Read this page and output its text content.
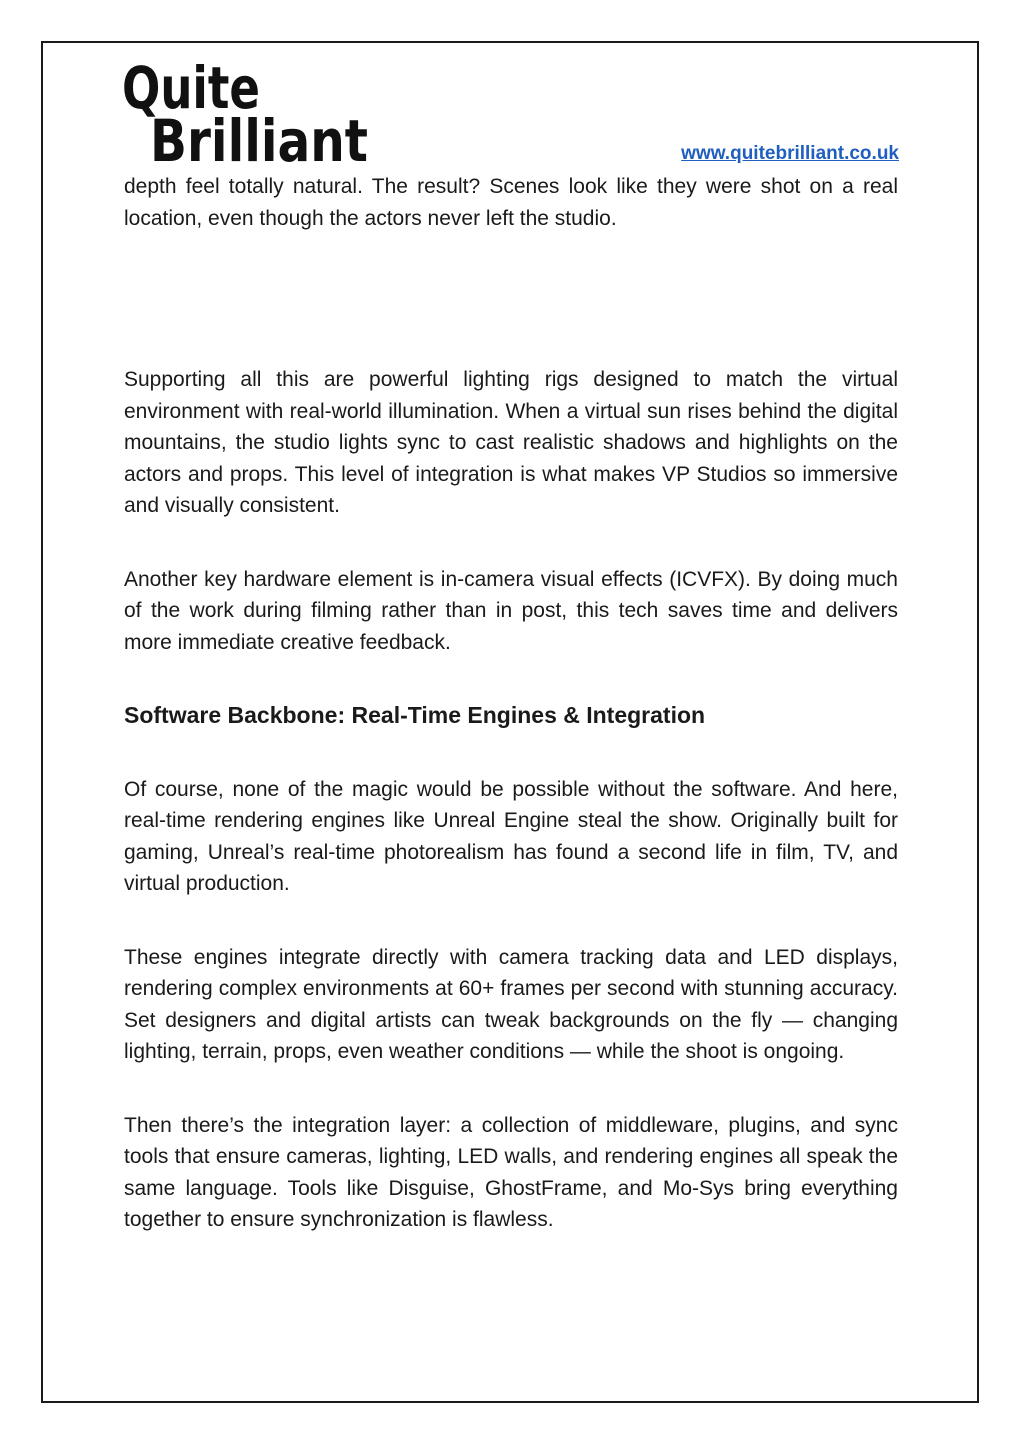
Quite
Brilliant	www.quitebrilliant.co.uk

depth feel totally natural. The result? Scenes look like they were shot on a real location, even though the actors never left the studio.

Supporting all this are powerful lighting rigs designed to match the virtual environment with real-world illumination. When a virtual sun rises behind the digital mountains, the studio lights sync to cast realistic shadows and highlights on the actors and props. This level of integration is what makes VP Studios so immersive and visually consistent.

Another key hardware element is in-camera visual effects (ICVFX). By doing much of the work during filming rather than in post, this tech saves time and delivers more immediate creative feedback.

Software Backbone: Real-Time Engines & Integration

Of course, none of the magic would be possible without the software. And here, real-time rendering engines like Unreal Engine steal the show. Originally built for gaming, Unreal’s real-time photorealism has found a second life in film, TV, and virtual production.

These engines integrate directly with camera tracking data and LED displays, rendering complex environments at 60+ frames per second with stunning accuracy. Set designers and digital artists can tweak backgrounds on the fly — changing lighting, terrain, props, even weather conditions — while the shoot is ongoing.

Then there’s the integration layer: a collection of middleware, plugins, and sync tools that ensure cameras, lighting, LED walls, and rendering engines all speak the same language. Tools like Disguise, GhostFrame, and Mo-Sys bring everything together to ensure synchronization is flawless.
